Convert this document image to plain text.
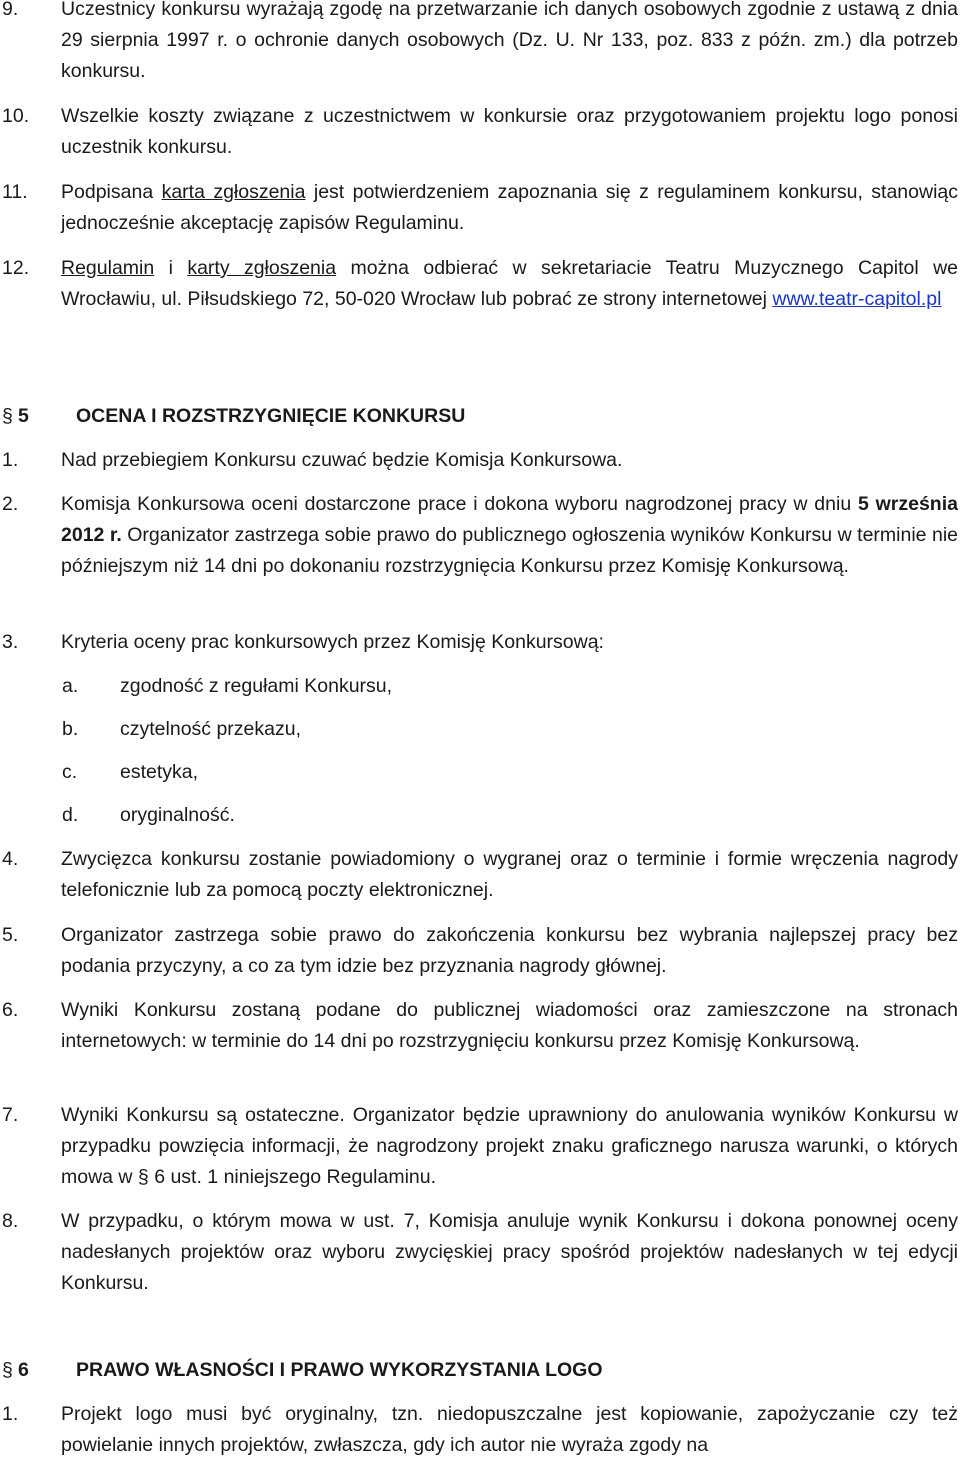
9. Uczestnicy konkursu wyrażają zgodę na przetwarzanie ich danych osobowych zgodnie z ustawą z dnia 29 sierpnia 1997 r. o ochronie danych osobowych (Dz. U. Nr 133, poz. 833 z późn. zm.) dla potrzeb konkursu.
10. Wszelkie koszty związane z uczestnictwem w konkursie oraz przygotowaniem projektu logo ponosi uczestnik konkursu.
11. Podpisana karta zgłoszenia jest potwierdzeniem zapoznania się z regulaminem konkursu, stanowiąc jednocześnie akceptację zapisów Regulaminu.
12. Regulamin i karty zgłoszenia można odbierać w sekretariacie Teatru Muzycznego Capitol we Wrocławiu, ul. Piłsudskiego 72, 50-020 Wrocław lub pobrać ze strony internetowej www.teatr-capitol.pl
§ 5 OCENA I ROZSTRZYGNIĘCIE KONKURSU
1. Nad przebiegiem Konkursu czuwać będzie Komisja Konkursowa.
2. Komisja Konkursowa oceni dostarczone prace i dokona wyboru nagrodzonej pracy w dniu 5 września 2012 r. Organizator zastrzega sobie prawo do publicznego ogłoszenia wyników Konkursu w terminie nie późniejszym niż 14 dni po dokonaniu rozstrzygnięcia Konkursu przez Komisję Konkursową.
3. Kryteria oceny prac konkursowych przez Komisję Konkursową:
a. zgodność z regułami Konkursu,
b. czytelność przekazu,
c. estetyka,
d. oryginalność.
4. Zwycięzca konkursu zostanie powiadomiony o wygranej oraz o terminie i formie wręczenia nagrody telefonicznie lub za pomocą poczty elektronicznej.
5. Organizator zastrzega sobie prawo do zakończenia konkursu bez wybrania najlepszej pracy bez podania przyczyny, a co za tym idzie bez przyznania nagrody głównej.
6. Wyniki Konkursu zostaną podane do publicznej wiadomości oraz zamieszczone na stronach internetowych: w terminie do 14 dni po rozstrzygnięciu konkursu przez Komisję Konkursową.
7. Wyniki Konkursu są ostateczne. Organizator będzie uprawniony do anulowania wyników Konkursu w przypadku powzięcia informacji, że nagrodzony projekt znaku graficznego narusza warunki, o których mowa w § 6 ust. 1 niniejszego Regulaminu.
8. W przypadku, o którym mowa w ust. 7, Komisja anuluje wynik Konkursu i dokona ponownej oceny nadesłanych projektów oraz wyboru zwycięskiej pracy spośród projektów nadesłanych w tej edycji Konkursu.
§ 6 PRAWO WŁASNOŚCI I PRAWO WYKORZYSTANIA LOGO
1. Projekt logo musi być oryginalny, tzn. niedopuszczalne jest kopiowanie, zapożyczanie czy też powielanie innych projektów, zwłaszcza, gdy ich autor nie wyraża zgody na
